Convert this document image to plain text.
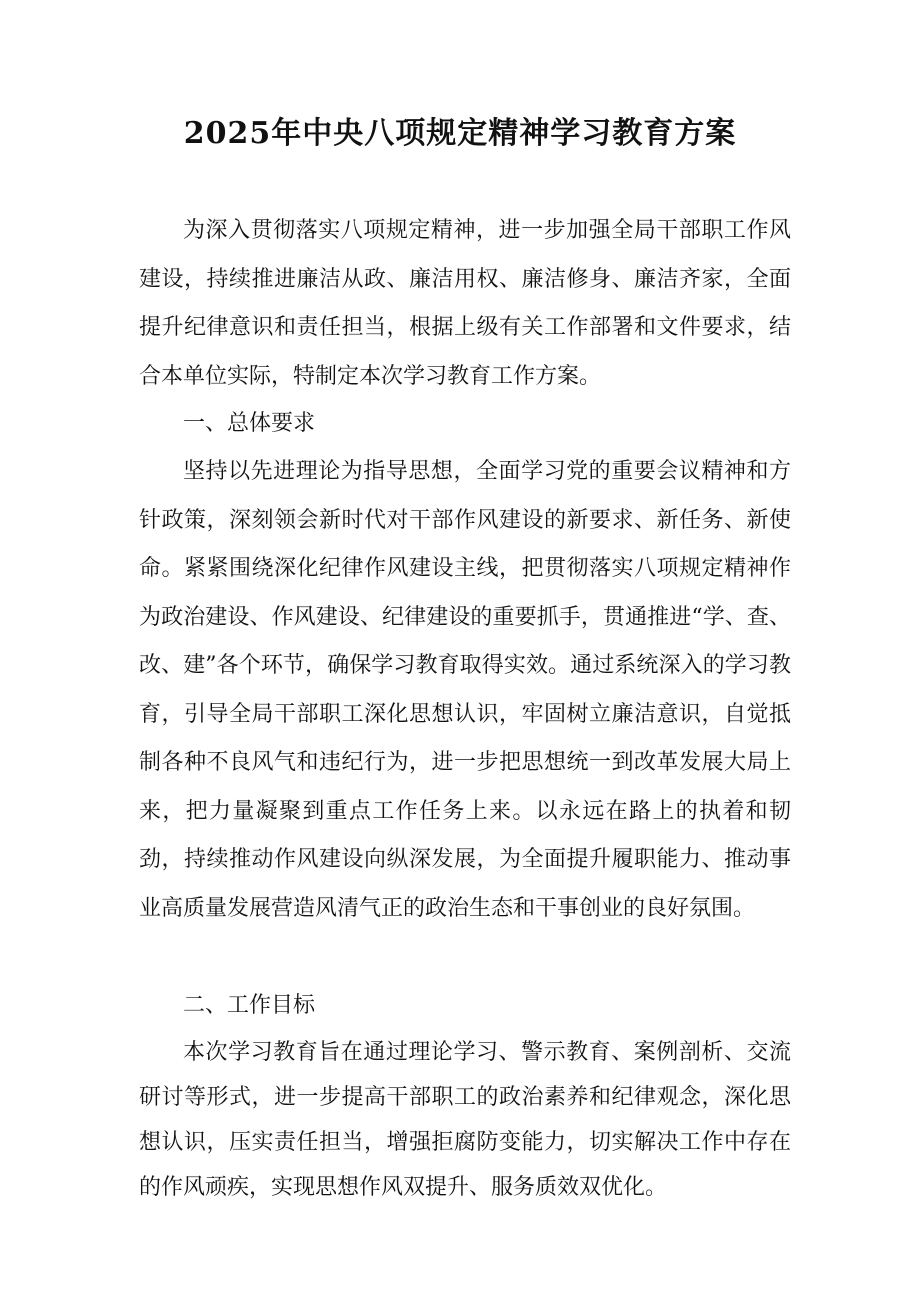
2025年中央八项规定精神学习教育方案

为深入贯彻落实八项规定精神，进一步加强全局干部职工作风建设，持续推进廉洁从政、廉洁用权、廉洁修身、廉洁齐家，全面提升纪律意识和责任担当，根据上级有关工作部署和文件要求，结合本单位实际，特制定本次学习教育工作方案。

一、总体要求

坚持以先进理论为指导思想，全面学习党的重要会议精神和方针政策，深刻领会新时代对干部作风建设的新要求、新任务、新使命。紧紧围绕深化纪律作风建设主线，把贯彻落实八项规定精神作为政治建设、作风建设、纪律建设的重要抓手，贯通推进“学、查、改、建”各个环节，确保学习教育取得实效。通过系统深入的学习教育，引导全局干部职工深化思想认识，牢固树立廉洁意识，自觉抵制各种不良风气和违纪行为，进一步把思想统一到改革发展大局上来，把力量凝聚到重点工作任务上来。以永远在路上的执着和韧劲，持续推动作风建设向纵深发展，为全面提升履职能力、推动事业高质量发展营造风清气正的政治生态和干事创业的良好氛围。

二、工作目标

本次学习教育旨在通过理论学习、警示教育、案例剖析、交流研讨等形式，进一步提高干部职工的政治素养和纪律观念，深化思想认识，压实责任担当，增强拒腐防变能力，切实解决工作中存在的作风顽疾，实现思想作风双提升、服务质效双优化。
